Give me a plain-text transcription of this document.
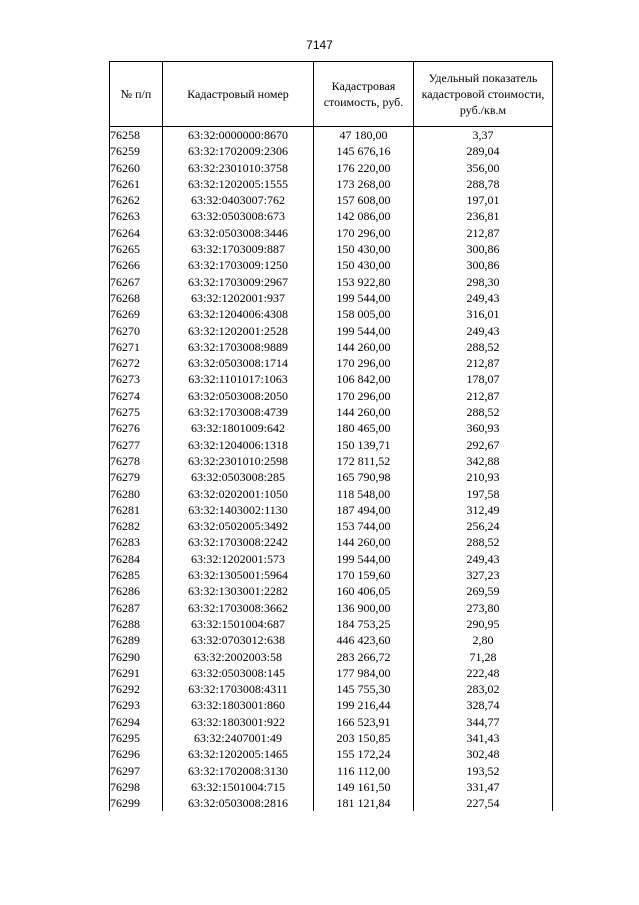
7147
№ п/п	Кадастровый номер	Кадастровая стоимость, руб.	Удельный показатель кадастровой стоимости, руб./кв.м
76258	63:32:0000000:8670	47 180,00	3,37
76259	63:32:1702009:2306	145 676,16	289,04
76260	63:32:2301010:3758	176 220,00	356,00
76261	63:32:1202005:1555	173 268,00	288,78
76262	63:32:0403007:762	157 608,00	197,01
76263	63:32:0503008:673	142 086,00	236,81
76264	63:32:0503008:3446	170 296,00	212,87
76265	63:32:1703009:887	150 430,00	300,86
76266	63:32:1703009:1250	150 430,00	300,86
76267	63:32:1703009:2967	153 922,80	298,30
76268	63:32:1202001:937	199 544,00	249,43
76269	63:32:1204006:4308	158 005,00	316,01
76270	63:32:1202001:2528	199 544,00	249,43
76271	63:32:1703008:9889	144 260,00	288,52
76272	63:32:0503008:1714	170 296,00	212,87
76273	63:32:1101017:1063	106 842,00	178,07
76274	63:32:0503008:2050	170 296,00	212,87
76275	63:32:1703008:4739	144 260,00	288,52
76276	63:32:1801009:642	180 465,00	360,93
76277	63:32:1204006:1318	150 139,71	292,67
76278	63:32:2301010:2598	172 811,52	342,88
76279	63:32:0503008:285	165 790,98	210,93
76280	63:32:0202001:1050	118 548,00	197,58
76281	63:32:1403002:1130	187 494,00	312,49
76282	63:32:0502005:3492	153 744,00	256,24
76283	63:32:1703008:2242	144 260,00	288,52
76284	63:32:1202001:573	199 544,00	249,43
76285	63:32:1305001:5964	170 159,60	327,23
76286	63:32:1303001:2282	160 406,05	269,59
76287	63:32:1703008:3662	136 900,00	273,80
76288	63:32:1501004:687	184 753,25	290,95
76289	63:32:0703012:638	446 423,60	2,80
76290	63:32:2002003:58	283 266,72	71,28
76291	63:32:0503008:145	177 984,00	222,48
76292	63:32:1703008:4311	145 755,30	283,02
76293	63:32:1803001:860	199 216,44	328,74
76294	63:32:1803001:922	166 523,91	344,77
76295	63:32:2407001:49	203 150,85	341,43
76296	63:32:1202005:1465	155 172,24	302,48
76297	63:32:1702008:3130	116 112,00	193,52
76298	63:32:1501004:715	149 161,50	331,47
76299	63:32:0503008:2816	181 121,84	227,54
